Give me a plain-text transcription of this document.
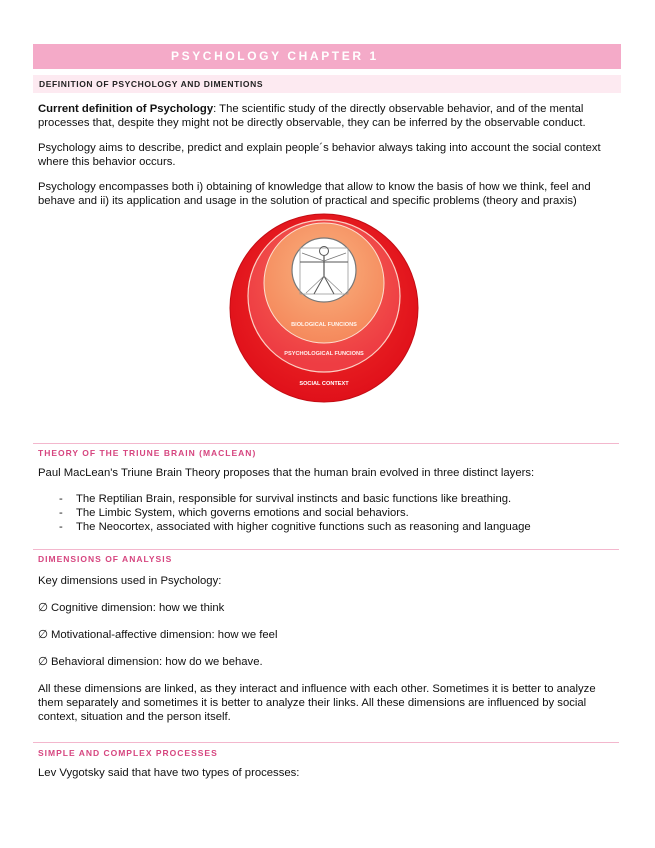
PSYCHOLOGY CHAPTER 1
DEFINITION OF PSYCHOLOGY AND DIMENTIONS

Current definition of Psychology: The scientific study of the directly observable behavior, and of the mental processes that, despite they might not be directly observable, they can be inferred by the observable conduct.

Psychology aims to describe, predict and explain people´s behavior always taking into account the social context where this behavior occurs.

Psychology encompasses both i) obtaining of knowledge that allow to know the basis of how we think, feel and behave and ii) its application and usage in the solution of practical and specific problems (theory and praxis)

BIOLOGICAL FUNCIONS
PSYCHOLOGICAL FUNCIONS
SOCIAL CONTEXT
THEORY OF THE TRIUNE BRAIN (MACLEAN)

Paul MacLean's Triune Brain Theory proposes that the human brain evolved in three distinct layers:

- The Reptilian Brain, responsible for survival instincts and basic functions like breathing.
- The Limbic System, which governs emotions and social behaviors.
- The Neocortex, associated with higher cognitive functions such as reasoning and language
DIMENSIONS OF ANALYSIS

Key dimensions used in Psychology:

∅ Cognitive dimension: how we think

∅ Motivational-affective dimension: how we feel

∅ Behavioral dimension: how do we behave.

All these dimensions are linked, as they interact and influence with each other. Sometimes it is better to analyze them separately and sometimes it is better to analyze their links. All these dimensions are influenced by social context, situation and the person itself.

SIMPLE AND COMPLEX PROCESSES

Lev Vygotsky said that have two types of processes:
